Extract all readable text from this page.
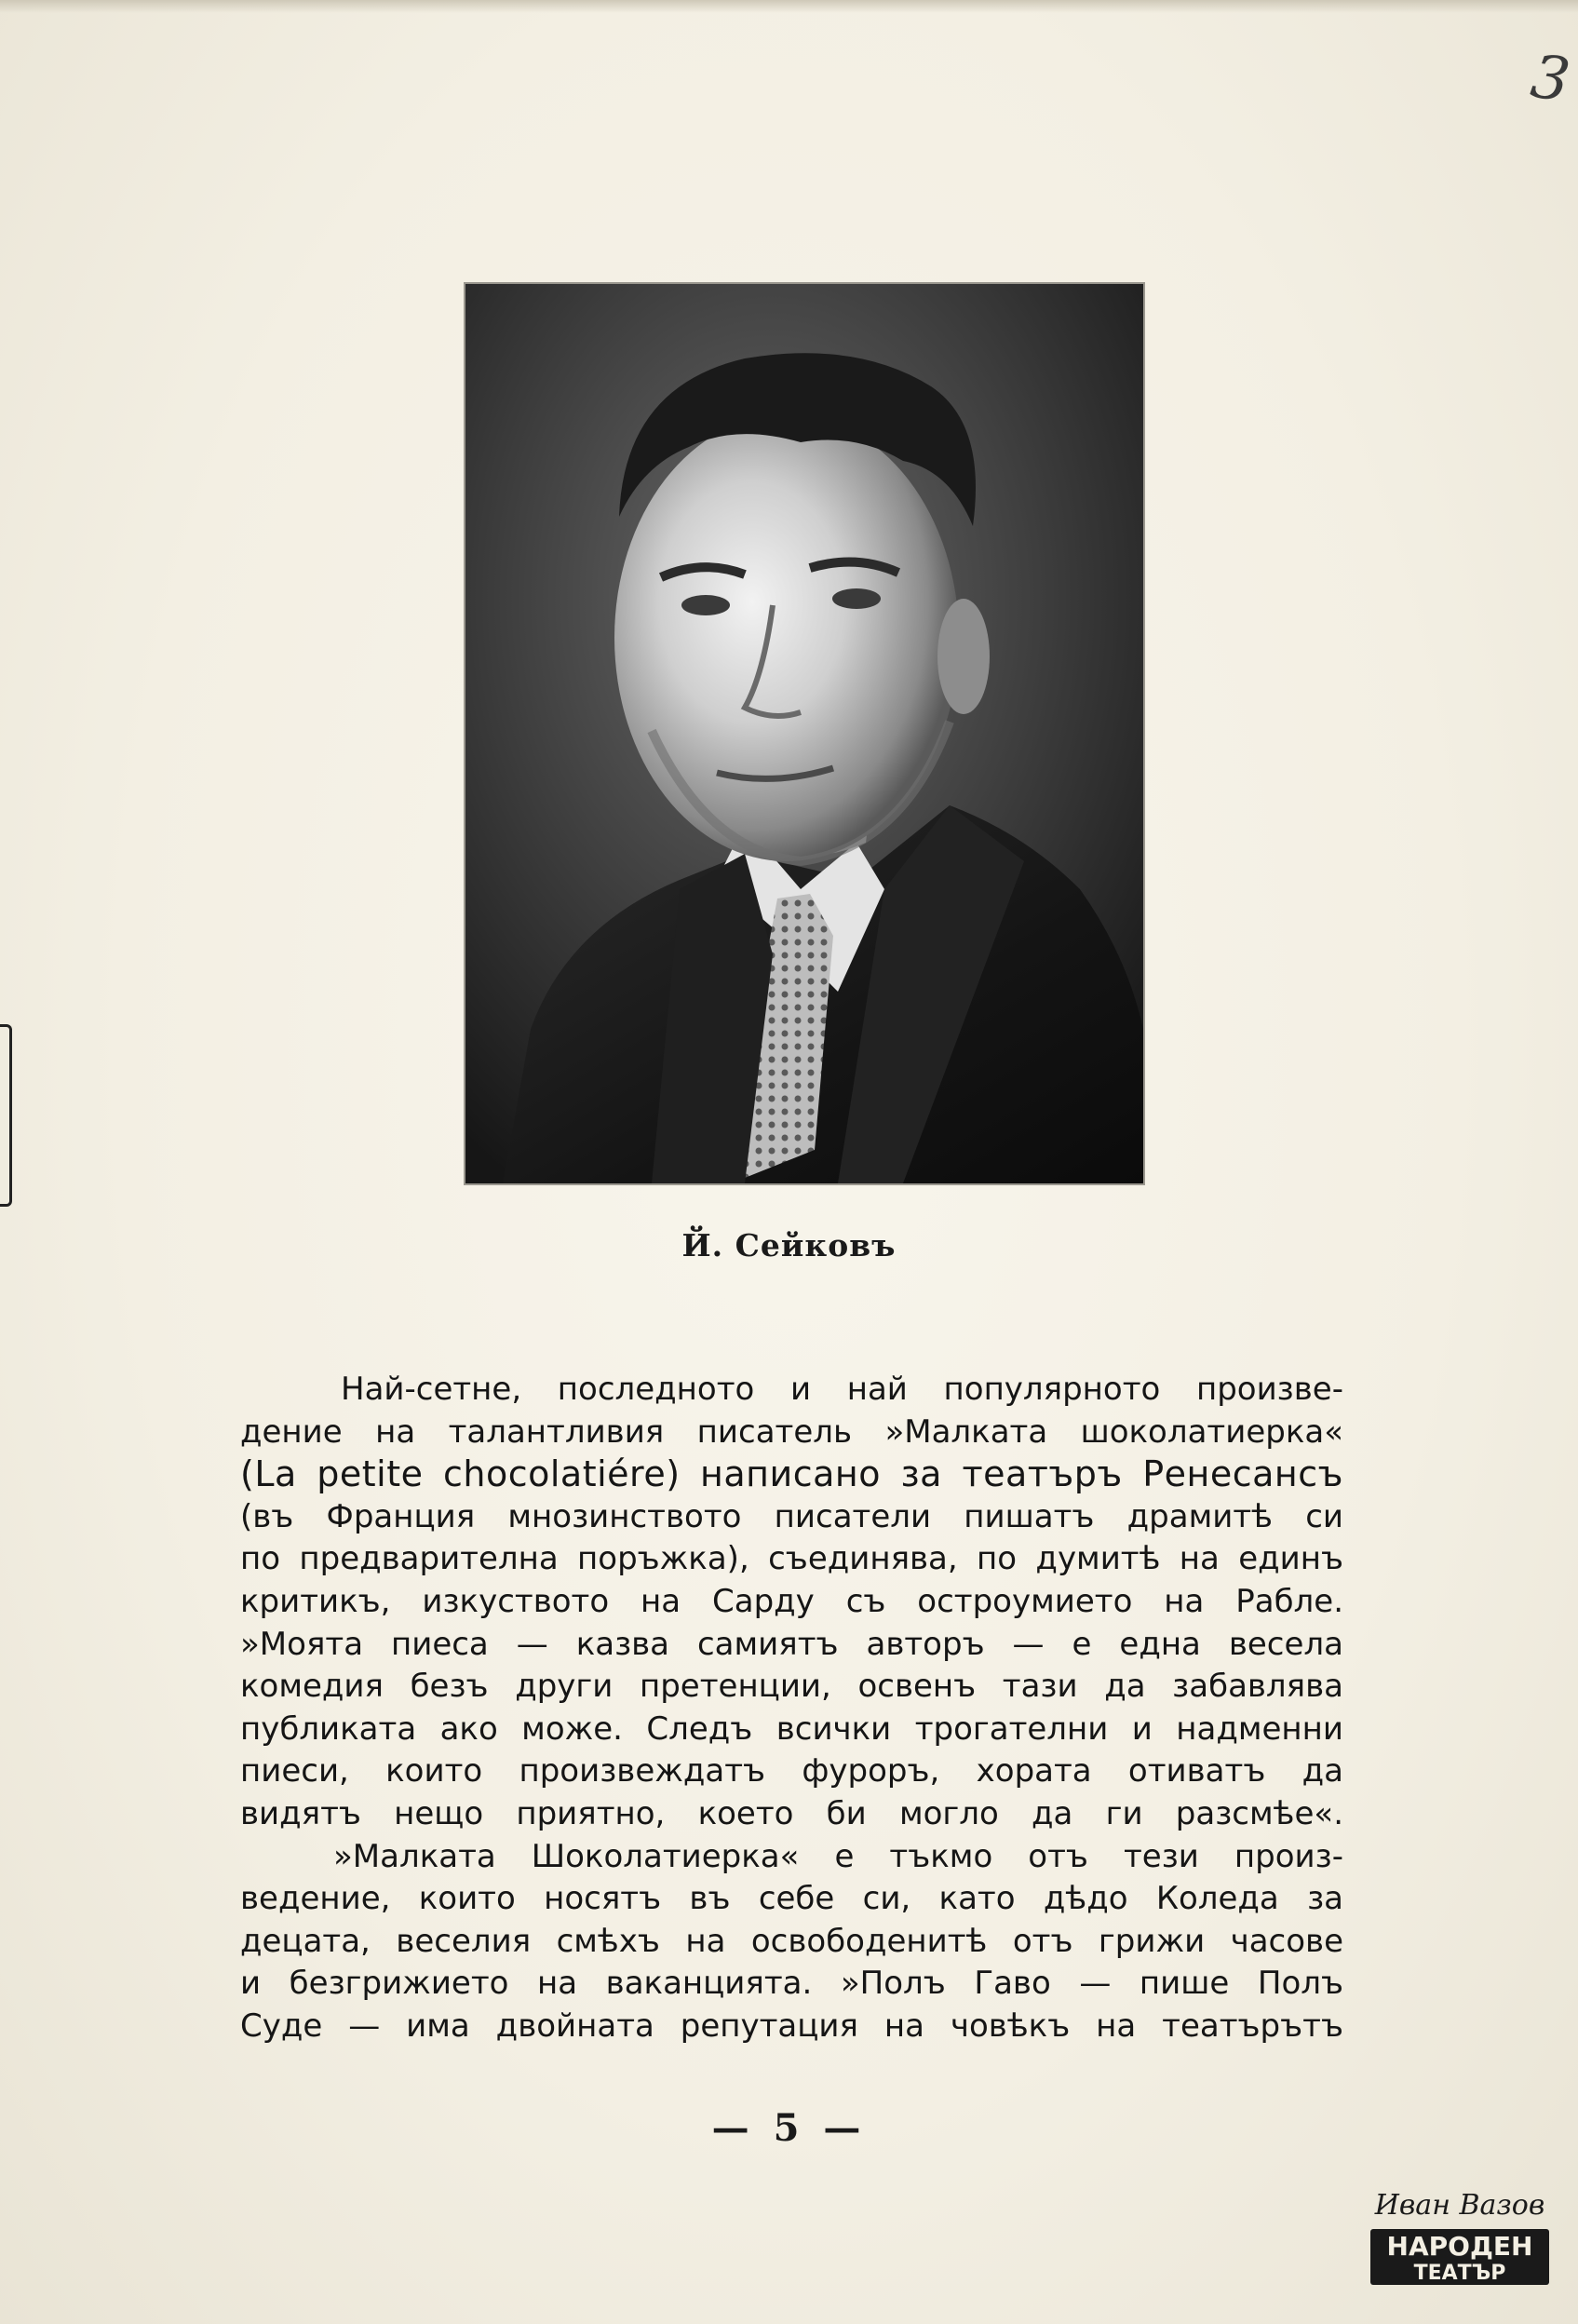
3
Й. Сейковъ
Най-сетне, последното и най популярното произве-
дение на талантливия писатель »Малката шоколатиерка«
(La petite chocolatiére) написано за театъръ Ренесансъ
(въ Франция мнозинството писатели пишатъ драмитѣ си
по предварителна поръжка), съединява, по думитѣ на единъ
критикъ, изкуството на Сарду съ остроумието на Рабле.
»Моята пиеса — казва самиятъ авторъ — е една весела
комедия безъ други претенции, освенъ тази да забавлява
публиката ако може. Следъ всички трогателни и надменни
пиеси, които произвеждатъ фуроръ, хората отиватъ да
видятъ нещо приятно, което би могло да ги разсмѣе«.
»Малката Шоколатиерка« е тъкмо отъ тези произ-
ведение, които носятъ въ себе си, като дѣдо Коледа за
децата, веселия смѣхъ на освободенитѣ отъ грижи часове
и безгрижието на ваканцията. »Полъ Гаво — пише Полъ
Суде — има двойната репутация на човѣкъ на театърътъ
— 5 —
Иван Вазов
НАРОДЕН
ТЕАТЪР
